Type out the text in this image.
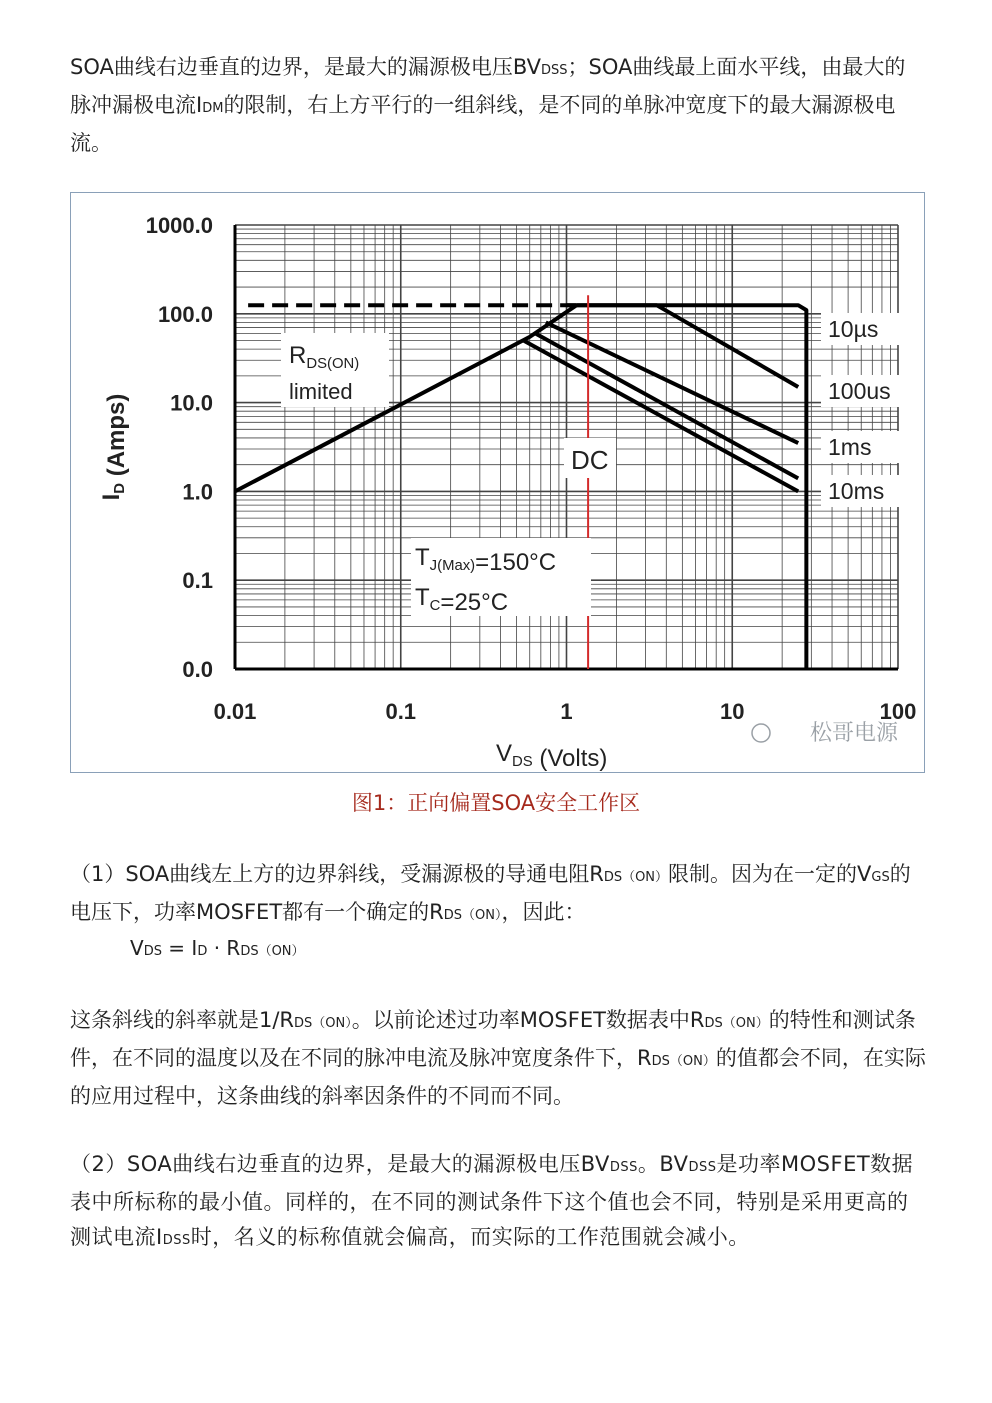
SOA曲线右边垂直的边界，是最大的漏源极电压BVDSS；SOA曲线最上面水平线，由最大的脉冲漏极电流IDM的限制，右上方平行的一组斜线，是不同的单脉冲宽度下的最大漏源极电流。

0.01	0.1	1	10	100
1000.0
100.0
10.0
1.0
0.1
0.0
$R_{DS(ON)}$
limited
DC
$T_{J(Max)}=150^\circ C$
$T_C=25^\circ C$
10µs
100us
1ms
10ms
$V_{DS}$ (Volts)
$I_D$ (Amps)
松哥电源
图1：正向偏置SOA安全工作区

（1）SOA曲线左上方的边界斜线，受漏源极的导通电阻RDS（ON）限制。因为在一定的VGS的电压下，功率MOSFET都有一个确定的RDS（ON），因此：

VDS = ID · RDS（ON）

这条斜线的斜率就是1/RDS（ON）。以前论述过功率MOSFET数据表中RDS（ON）的特性和测试条件，在不同的温度以及在不同的脉冲电流及脉冲宽度条件下，RDS（ON）的值都会不同，在实际的应用过程中，这条曲线的斜率因条件的不同而不同。

（2）SOA曲线右边垂直的边界，是最大的漏源极电压BVDSS。BVDSS是功率MOSFET数据表中所标称的最小值。同样的，在不同的测试条件下这个值也会不同，特别是采用更高的测试电流IDSS时，名义的标称值就会偏高，而实际的工作范围就会减小。
